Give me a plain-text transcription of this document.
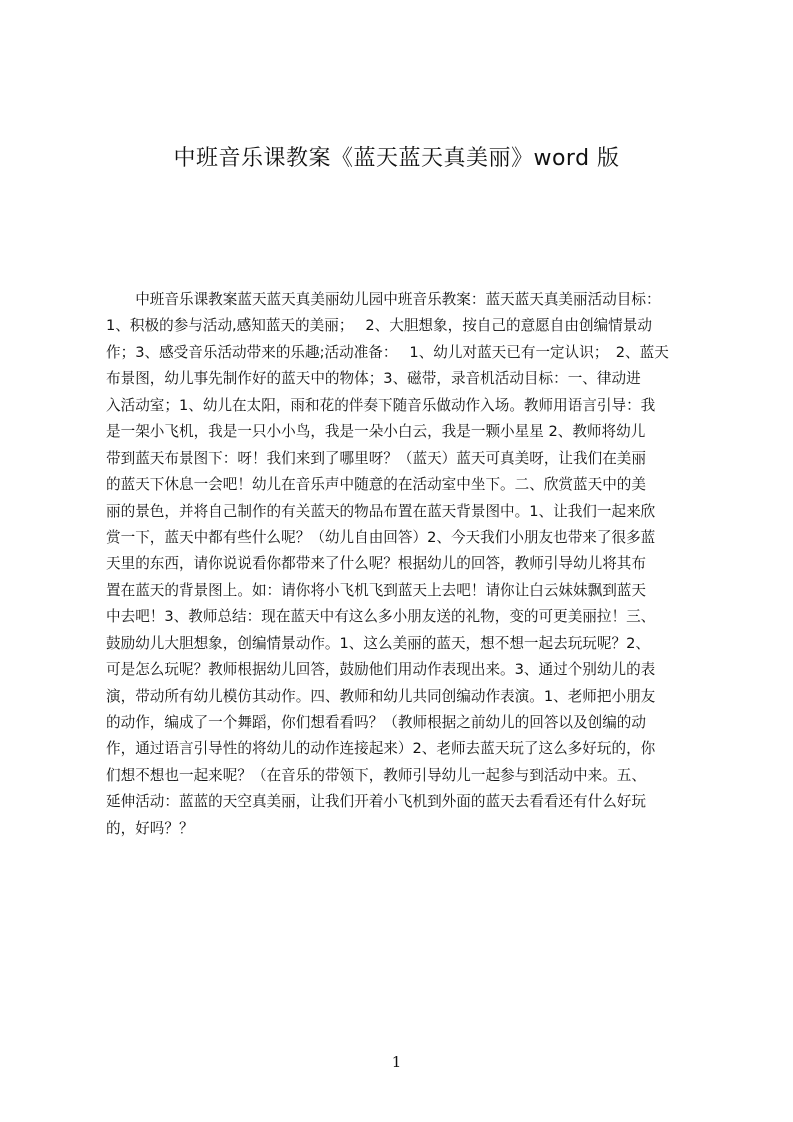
中班音乐课教案《蓝天蓝天真美丽》word 版
中班音乐课教案蓝天蓝天真美丽幼儿园中班音乐教案：蓝天蓝天真美丽活动目标：
1、积极的参与活动,感知蓝天的美丽；　 2、大胆想象，按自己的意愿自由创编情景动
作；3、感受音乐活动带来的乐趣;活动准备：　 1、幼儿对蓝天已有一定认识；　2、蓝天
布景图，幼儿事先制作好的蓝天中的物体；3、磁带，录音机活动目标：一、律动进
入活动室；1、幼儿在太阳，雨和花的伴奏下随音乐做动作入场。教师用语言引导：我
是一架小飞机，我是一只小小鸟，我是一朵小白云，我是一颗小星星 2、教师将幼儿
带到蓝天布景图下：呀！我们来到了哪里呀？（蓝天）蓝天可真美呀，让我们在美丽
的蓝天下休息一会吧！幼儿在音乐声中随意的在活动室中坐下。二、欣赏蓝天中的美
丽的景色，并将自己制作的有关蓝天的物品布置在蓝天背景图中。1、让我们一起来欣
赏一下，蓝天中都有些什么呢？（幼儿自由回答）2、今天我们小朋友也带来了很多蓝
天里的东西，请你说说看你都带来了什么呢？根据幼儿的回答，教师引导幼儿将其布
置在蓝天的背景图上。如：请你将小飞机飞到蓝天上去吧！请你让白云妹妹飘到蓝天
中去吧！3、教师总结：现在蓝天中有这么多小朋友送的礼物，变的可更美丽拉！三、
鼓励幼儿大胆想象，创编情景动作。1、这么美丽的蓝天，想不想一起去玩玩呢？2、
可是怎么玩呢？教师根据幼儿回答，鼓励他们用动作表现出来。3、通过个别幼儿的表
演，带动所有幼儿模仿其动作。四、教师和幼儿共同创编动作表演。1、老师把小朋友
的动作，编成了一个舞蹈，你们想看看吗？（教师根据之前幼儿的回答以及创编的动
作，通过语言引导性的将幼儿的动作连接起来）2、老师去蓝天玩了这么多好玩的，你
们想不想也一起来呢？（在音乐的带领下，教师引导幼儿一起参与到活动中来。五、
延伸活动：蓝蓝的天空真美丽，让我们开着小飞机到外面的蓝天去看看还有什么好玩
的，好吗？？
1
